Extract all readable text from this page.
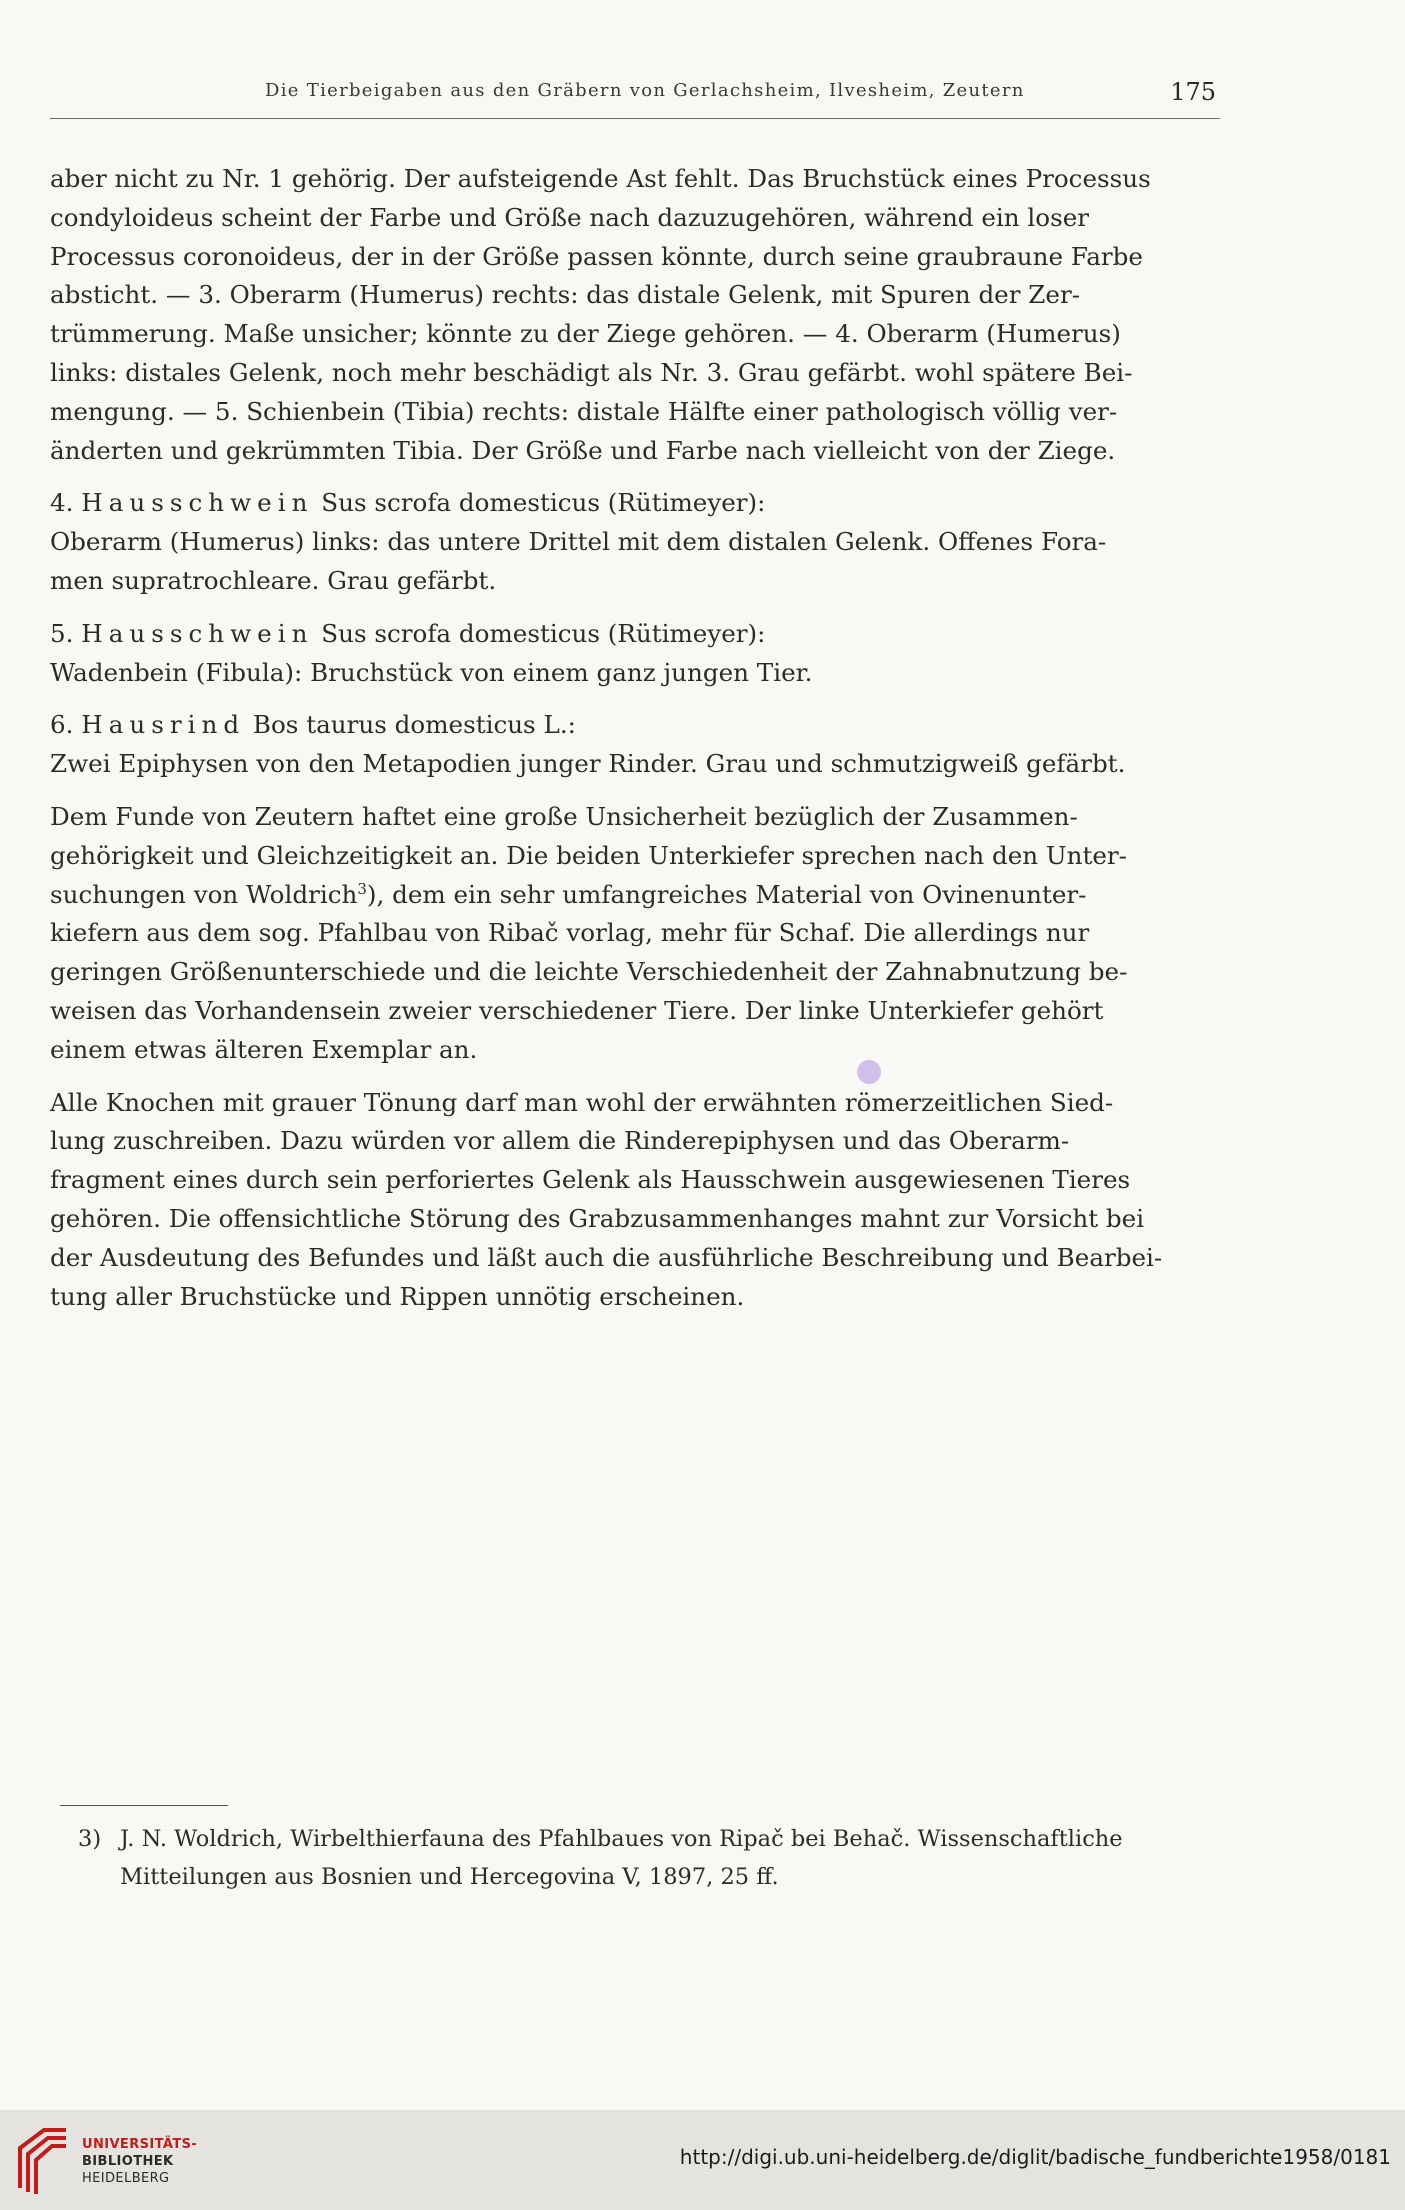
Die Tierbeigaben aus den Gräbern von Gerlachsheim, Ilvesheim, Zeutern	175

aber nicht zu Nr. 1 gehörig. Der aufsteigende Ast fehlt. Das Bruchstück eines Processus
condyloideus scheint der Farbe und Größe nach dazuzugehören, während ein loser
Processus coronoideus, der in der Größe passen könnte, durch seine graubraune Farbe
absticht. — 3. Oberarm (Humerus) rechts: das distale Gelenk, mit Spuren der Zer-
trümmerung. Maße unsicher; könnte zu der Ziege gehören. — 4. Oberarm (Humerus)
links: distales Gelenk, noch mehr beschädigt als Nr. 3. Grau gefärbt. wohl spätere Bei-
mengung. — 5. Schienbein (Tibia) rechts: distale Hälfte einer pathologisch völlig ver-
änderten und gekrümmten Tibia. Der Größe und Farbe nach vielleicht von der Ziege.

4. Hausschwein Sus scrofa domesticus (Rütimeyer):
Oberarm (Humerus) links: das untere Drittel mit dem distalen Gelenk. Offenes Fora-
men supratrochleare. Grau gefärbt.

5. Hausschwein Sus scrofa domesticus (Rütimeyer):
Wadenbein (Fibula): Bruchstück von einem ganz jungen Tier.

6. Hausrind Bos taurus domesticus L.:
Zwei Epiphysen von den Metapodien junger Rinder. Grau und schmutzigweiß gefärbt.

Dem Funde von Zeutern haftet eine große Unsicherheit bezüglich der Zusammen-
gehörigkeit und Gleichzeitigkeit an. Die beiden Unterkiefer sprechen nach den Unter-
suchungen von Woldrich$^3$), dem ein sehr umfangreiches Material von Ovinenunter-
kiefern aus dem sog. Pfahlbau von Ribač vorlag, mehr für Schaf. Die allerdings nur
geringen Größenunterschiede und die leichte Verschiedenheit der Zahnabnutzung be-
weisen das Vorhandensein zweier verschiedener Tiere. Der linke Unterkiefer gehört
einem etwas älteren Exemplar an.

Alle Knochen mit grauer Tönung darf man wohl der erwähnten römerzeitlichen Sied-
lung zuschreiben. Dazu würden vor allem die Rinderepiphysen und das Oberarm-
fragment eines durch sein perforiertes Gelenk als Hausschwein ausgewiesenen Tieres
gehören. Die offensichtliche Störung des Grabzusammenhanges mahnt zur Vorsicht bei
der Ausdeutung des Befundes und läßt auch die ausführliche Beschreibung und Bearbei-
tung aller Bruchstücke und Rippen unnötig erscheinen.

3) J. N. Woldrich, Wirbelthierfauna des Pfahlbaues von Ripač bei Behač. Wissenschaftliche
Mitteilungen aus Bosnien und Hercegovina V, 1897, 25 ff.
UNIVERSITÄTS-
BIBLIOTHEK
HEIDELBERG
http://digi.ub.uni-heidelberg.de/diglit/badische_fundberichte1958/0181
